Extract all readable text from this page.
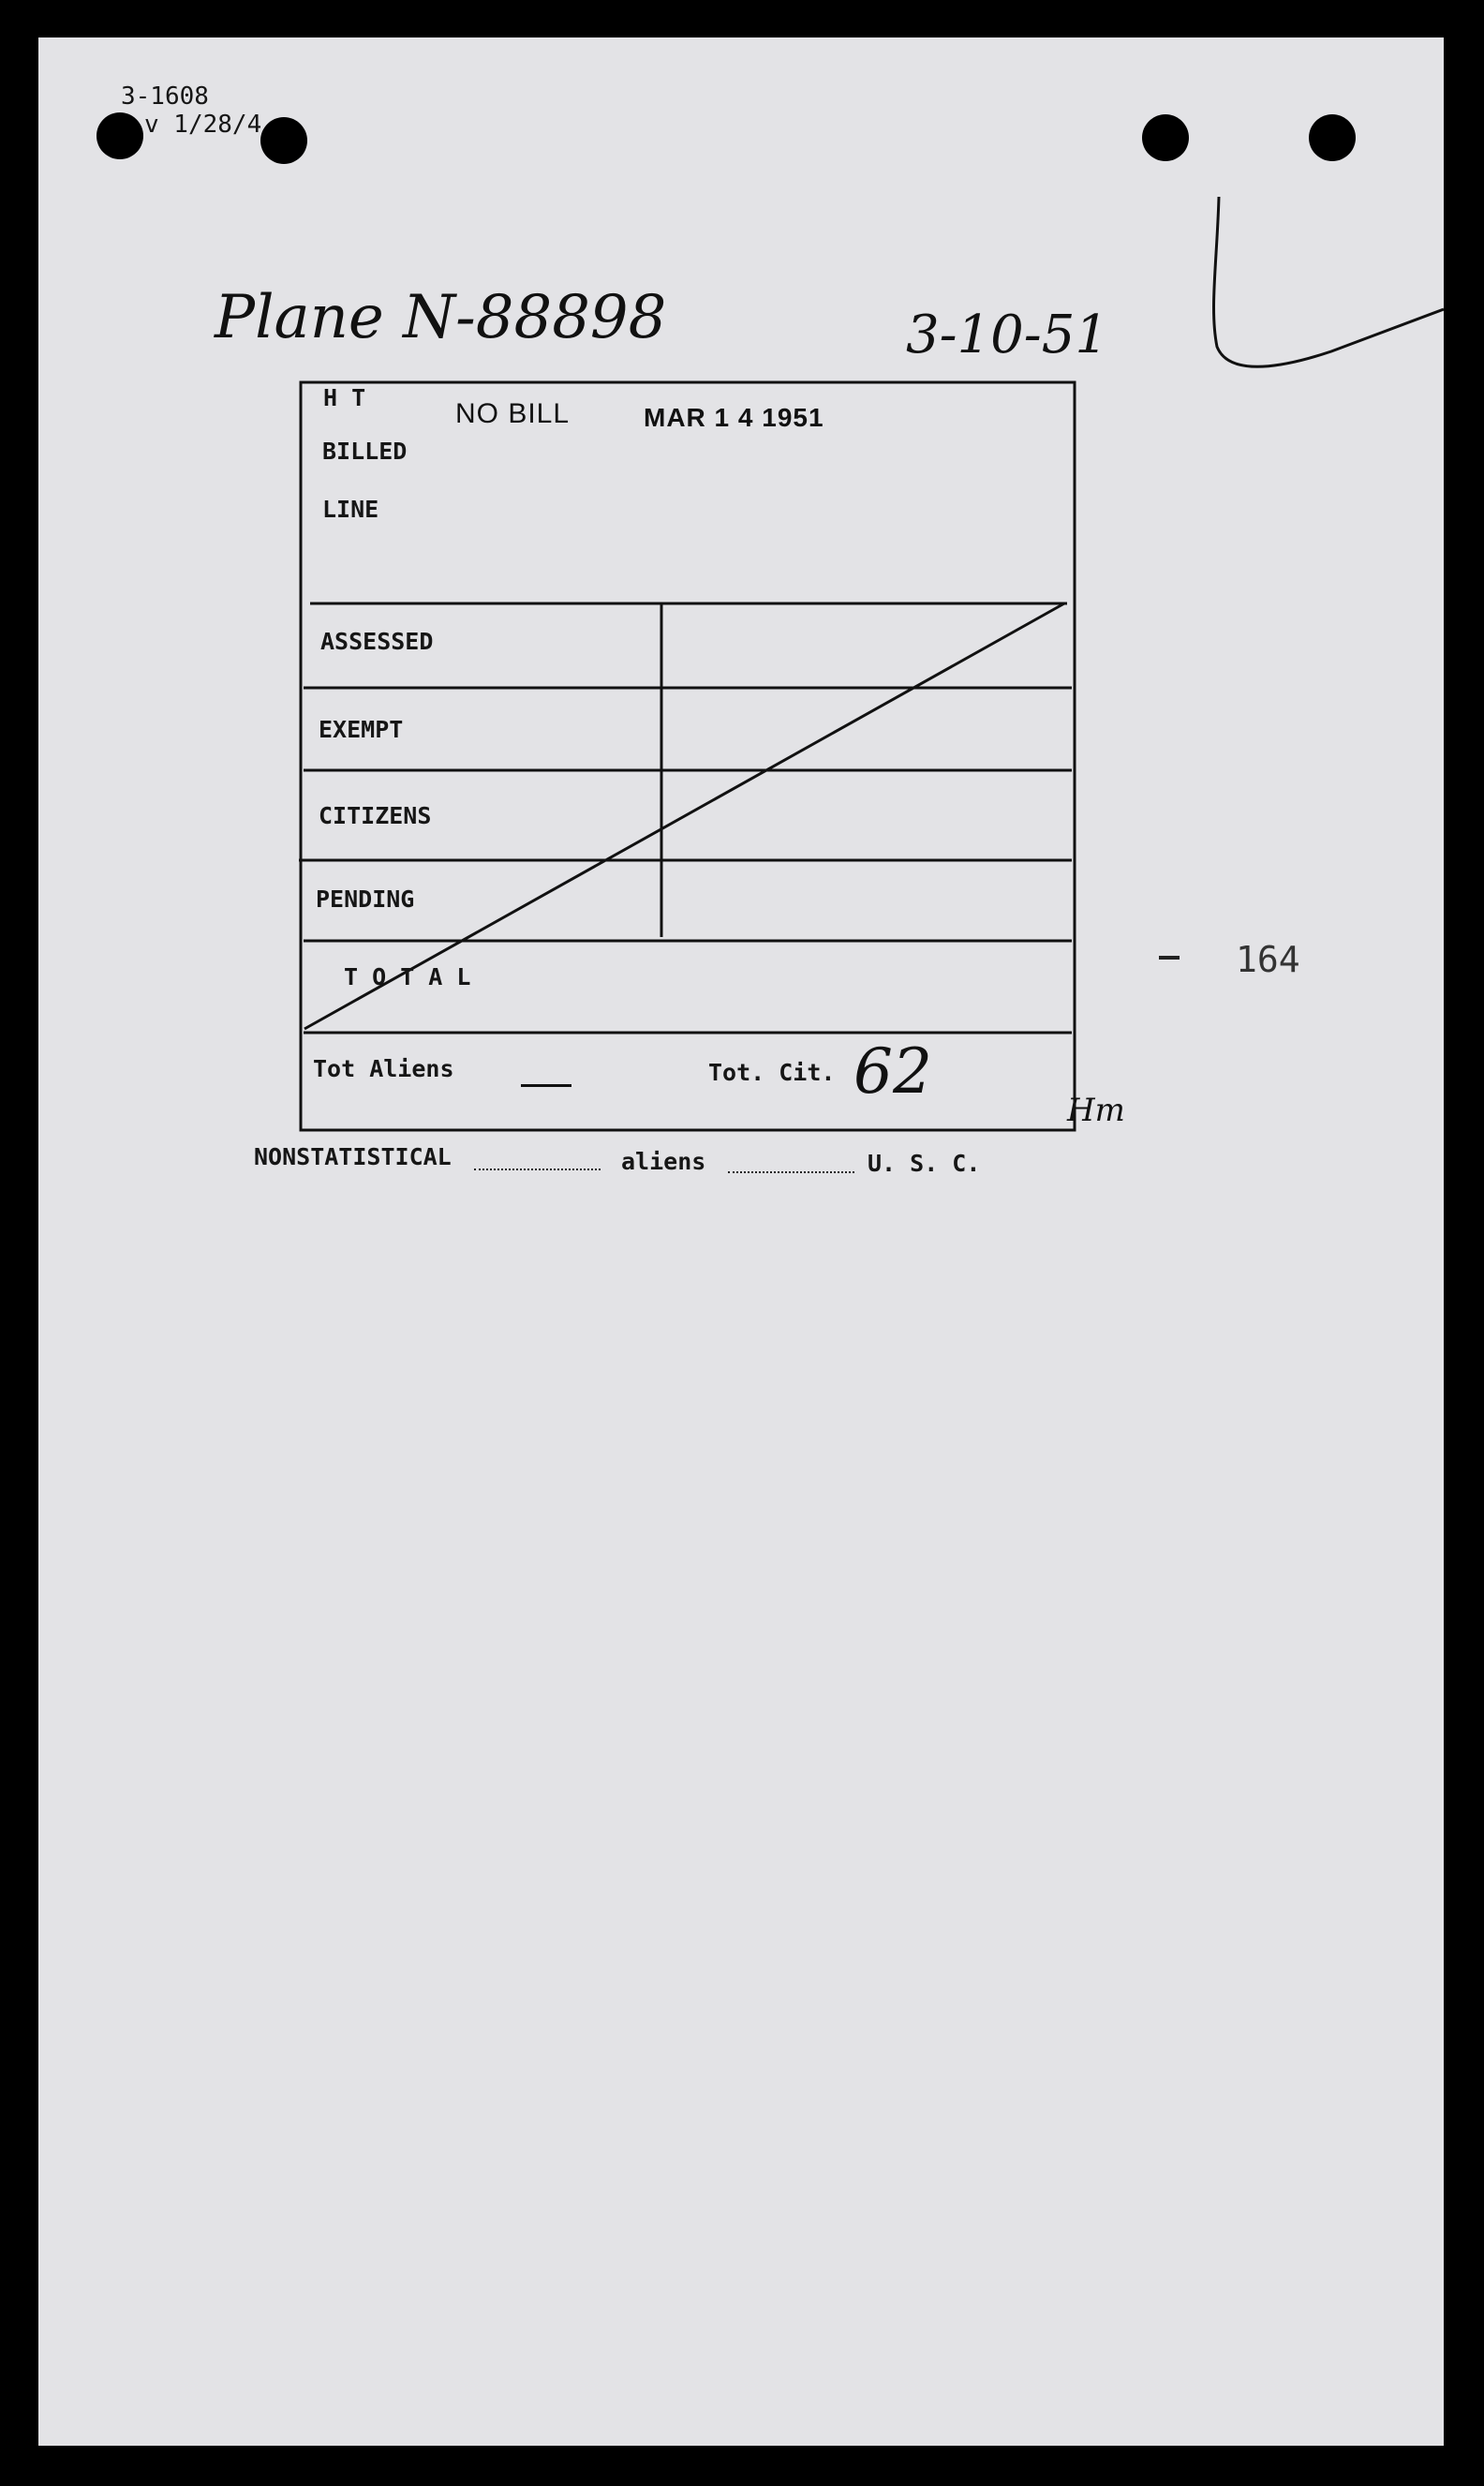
3-1608
v 1/28/4
Plane N-88898	3-10-51
H T
BILLED
LINE
NO BILL	MAR 1 4 1951
ASSESSED
EXEMPT
CITIZENS
PENDING
T O T A L
Tot Aliens	Tot. Cit. 62
Hm
164
NONSTATISTICAL	aliens	U. S. C.
